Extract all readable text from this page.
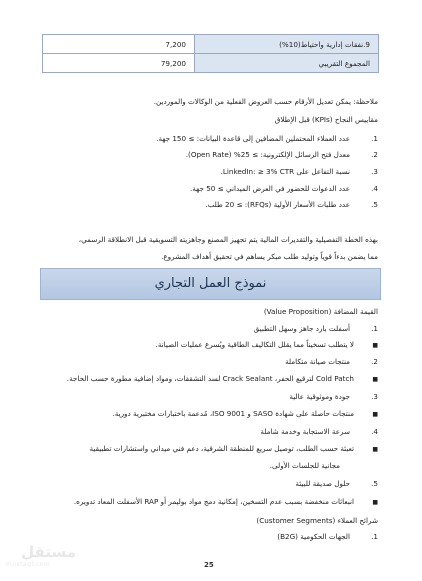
9.نفقات إدارية واحتياط(10%)	7,200
المجموع التقريبي	79,200
ملاحظة: يمكن تعديل الأرقام حسب العروض الفعلية من الوكالات والموردين.
مقاييس النجاح (KPIs) قبل الإطلاق
1.عدد العملاء المحتملين المضافين إلى قاعدة البيانات: ≥ 150 جهة.
2.معدل فتح الرسائل الإلكترونية: ≥ 25% (Open Rate).
3.نسبة التفاعل على LinkedIn: ≥ 3% CTR.
4.عدد الدعوات للحضور في العرض الميداني ≥ 50 جهة.
5.عدد طلبات الأسعار الأولية (RFQs): ≥ 20 طلب.
بهذه الخطة التفصيلية والتقديرات المالية يتم تجهيز المصنع وجاهزيته التسويقية قبل الانطلاقة الرسمي،
مما يضمن بدءاً قوياً وتوليد طلب مبكر يساهم في تحقيق أهداف المشروع.
نموذج العمل التجاري
القيمة المضافة (Value Proposition)
1.أسفلت بارد جاهز وسهل التطبيق
■لا يتطلب تسخيناً مما يقلل التكاليف الطاقية ويُسرع عمليات الصيانة.
2.منتجات صيانة متكاملة
■Cold Patch لترقيع الحفر، Crack Sealant لسد التشققات، ومواد إضافية مطورة حسب الحاجة.
3.جودة وموثوقية عالية
■منتجات حاصلة على شهادة SASO و ISO 9001، مُدعمة باختبارات مختبرية دورية.
4.سرعة الاستجابة وخدمة شاملة
■تعبئة حسب الطلب، توصيل سريع للمنطقة الشرقية، دعم فني ميداني واستشارات تطبيقية
مجانية للجلسات الأولى.
5.حلول صديقة للبيئة
■انبعاثات منخفضة بسبب عدم التسخين، إمكانية دمج مواد بوليمر أو RAP الأسفلت المعاد تدويره.
شرائح العملاء (Customer Segments)
1.الجهات الحكومية (B2G)
مستقل
mostaql.com	25
